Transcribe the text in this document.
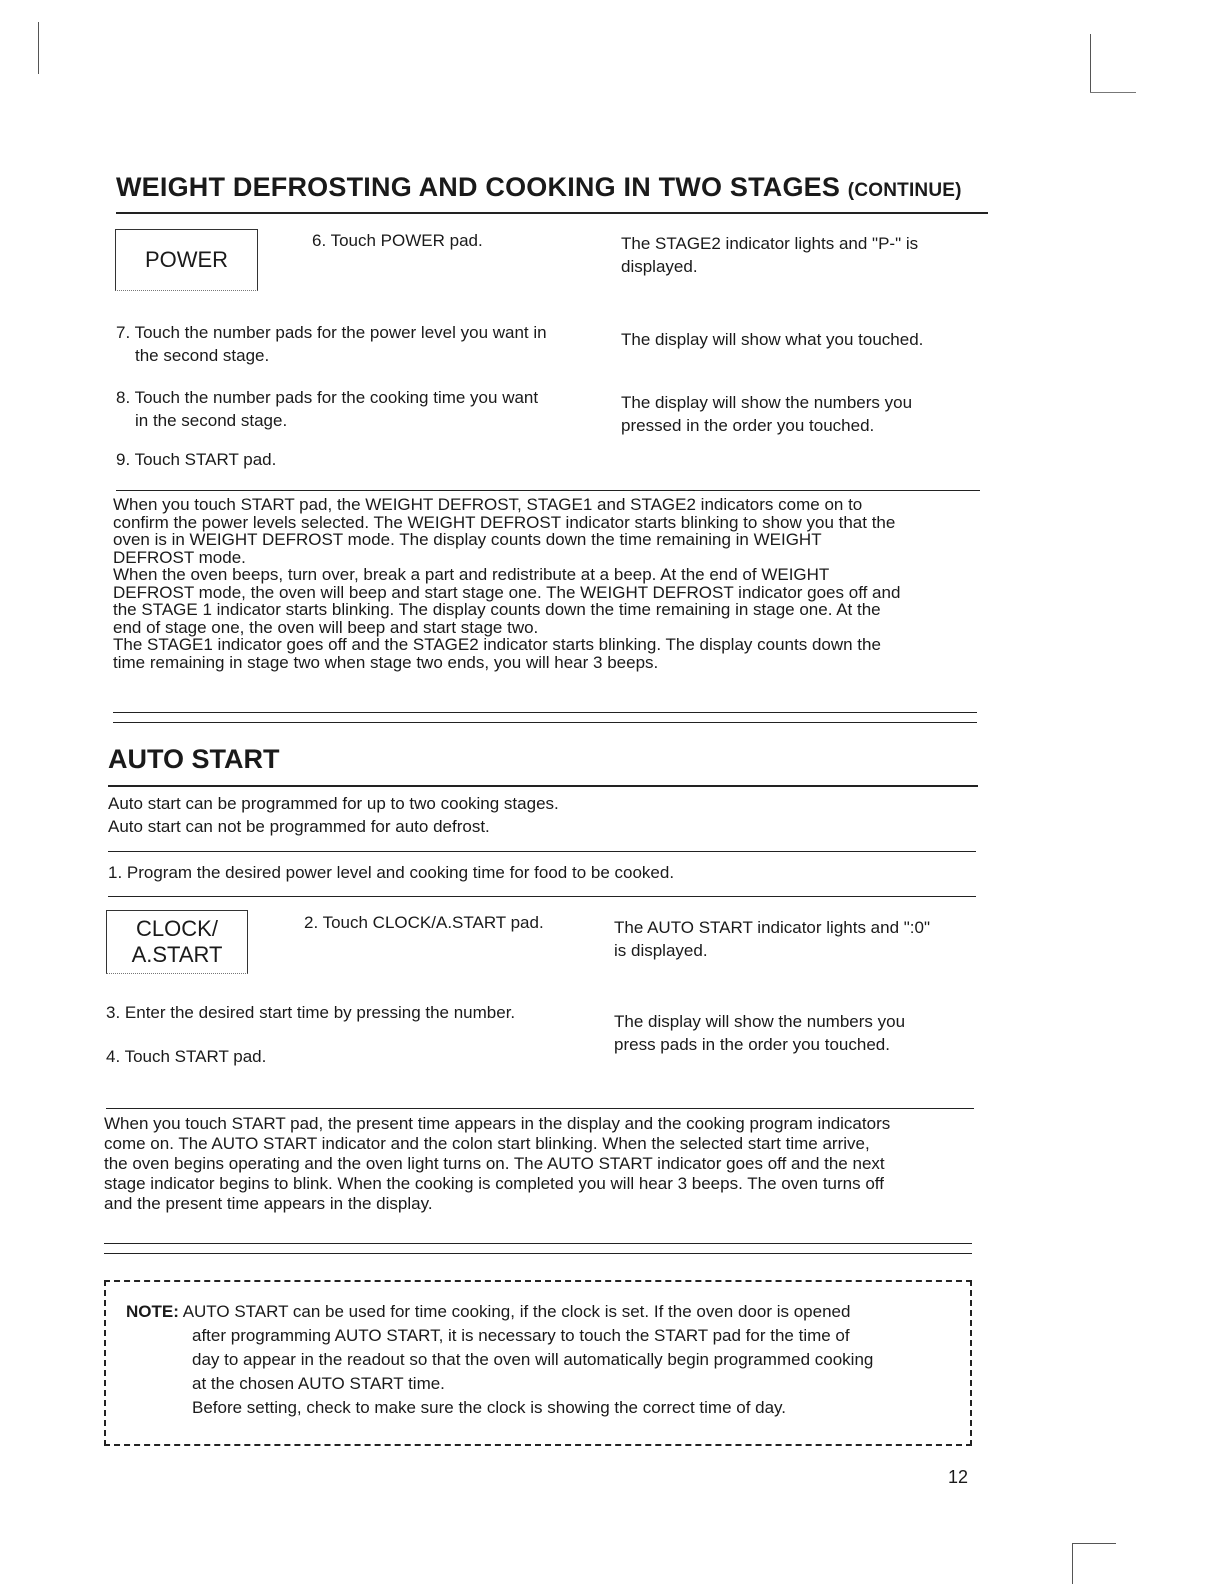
WEIGHT DEFROSTING AND COOKING IN TWO STAGES (CONTINUE)
POWER
6. Touch POWER pad.	The STAGE2 indicator lights and "P-" is
displayed.
7. Touch the number pads for the power level you want in
the second stage.
The display will show what you touched.
8. Touch the number pads for the cooking time you want
in the second stage.
The display will show the numbers you
pressed in the order you touched.
9. Touch START pad.
When you touch START pad, the WEIGHT DEFROST, STAGE1 and STAGE2 indicators come on to
confirm the power levels selected. The WEIGHT DEFROST indicator starts blinking to show you that the
oven is in WEIGHT DEFROST mode. The display counts down the time remaining in WEIGHT
DEFROST mode.
When the oven beeps, turn over, break a part and redistribute at a beep. At the end of WEIGHT
DEFROST mode, the oven will beep and start stage one. The WEIGHT DEFROST indicator goes off and
the STAGE 1 indicator starts blinking. The display counts down the time remaining in stage one. At the
end of stage one, the oven will beep and start stage two.
The STAGE1 indicator goes off and the STAGE2 indicator starts blinking. The display counts down the
time remaining in stage two when stage two ends, you will hear 3 beeps.
AUTO START
Auto start can be programmed for up to two cooking stages.
Auto start can not be programmed for auto defrost.
1. Program the desired power level and cooking time for food to be cooked.
CLOCK/
A.START
2. Touch CLOCK/A.START pad.	The AUTO START indicator lights and ":0"
is displayed.
3. Enter the desired start time by pressing the number.
4. Touch START pad.
The display will show the numbers you
press pads in the order you touched.
When you touch START pad, the present time appears in the display and the cooking program indicators
come on. The AUTO START indicator and the colon start blinking. When the selected start time arrive,
the oven begins operating and the oven light turns on. The AUTO START indicator goes off and the next
stage indicator begins to blink. When the cooking is completed you will hear 3 beeps. The oven turns off
and the present time appears in the display.
NOTE: AUTO START can be used for time cooking, if the clock is set. If the oven door is opened
after programming AUTO START, it is necessary to touch the START pad for the time of
day to appear in the readout so that the oven will automatically begin programmed cooking
at the chosen AUTO START time.
Before setting, check to make sure the clock is showing the correct time of day.
12
